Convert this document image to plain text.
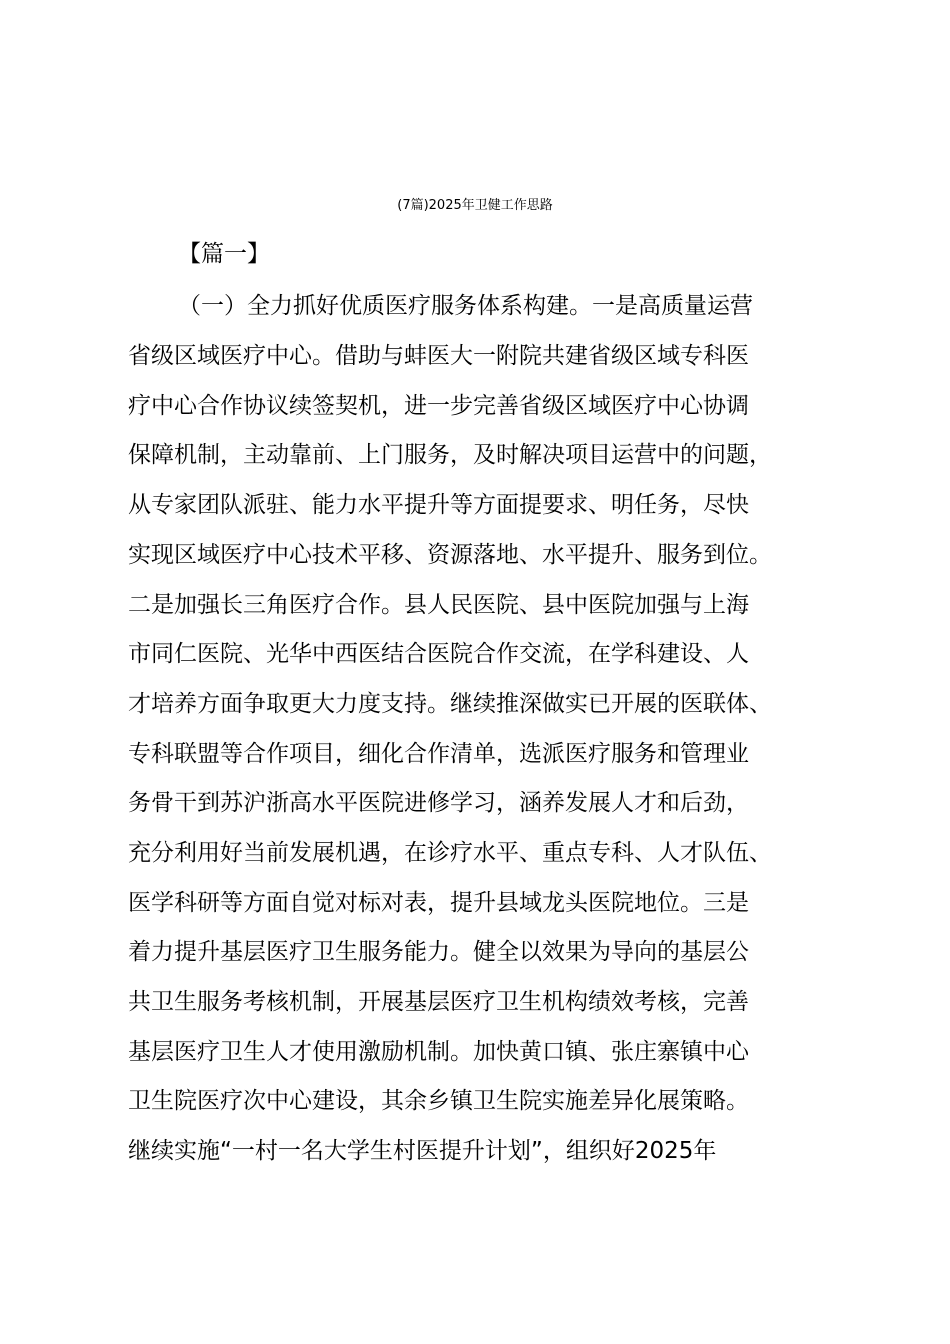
(7篇)2025年卫健工作思路
【篇一】
（一）全力抓好优质医疗服务体系构建。一是高质量运营
省级区域医疗中心。借助与蚌医大一附院共建省级区域专科医
疗中心合作协议续签契机，进一步完善省级区域医疗中心协调
保障机制，主动靠前、上门服务，及时解决项目运营中的问题，
从专家团队派驻、能力水平提升等方面提要求、明任务，尽快
实现区域医疗中心技术平移、资源落地、水平提升、服务到位。
二是加强长三角医疗合作。县人民医院、县中医院加强与上海
市同仁医院、光华中西医结合医院合作交流，在学科建设、人
才培养方面争取更大力度支持。继续推深做实已开展的医联体、
专科联盟等合作项目，细化合作清单，选派医疗服务和管理业
务骨干到苏沪浙高水平医院进修学习，涵养发展人才和后劲，
充分利用好当前发展机遇，在诊疗水平、重点专科、人才队伍、
医学科研等方面自觉对标对表，提升县域龙头医院地位。三是
着力提升基层医疗卫生服务能力。健全以效果为导向的基层公
共卫生服务考核机制，开展基层医疗卫生机构绩效考核，完善
基层医疗卫生人才使用激励机制。加快黄口镇、张庄寨镇中心
卫生院医疗次中心建设，其余乡镇卫生院实施差异化展策略。
继续实施“一村一名大学生村医提升计划”，组织好2025年
